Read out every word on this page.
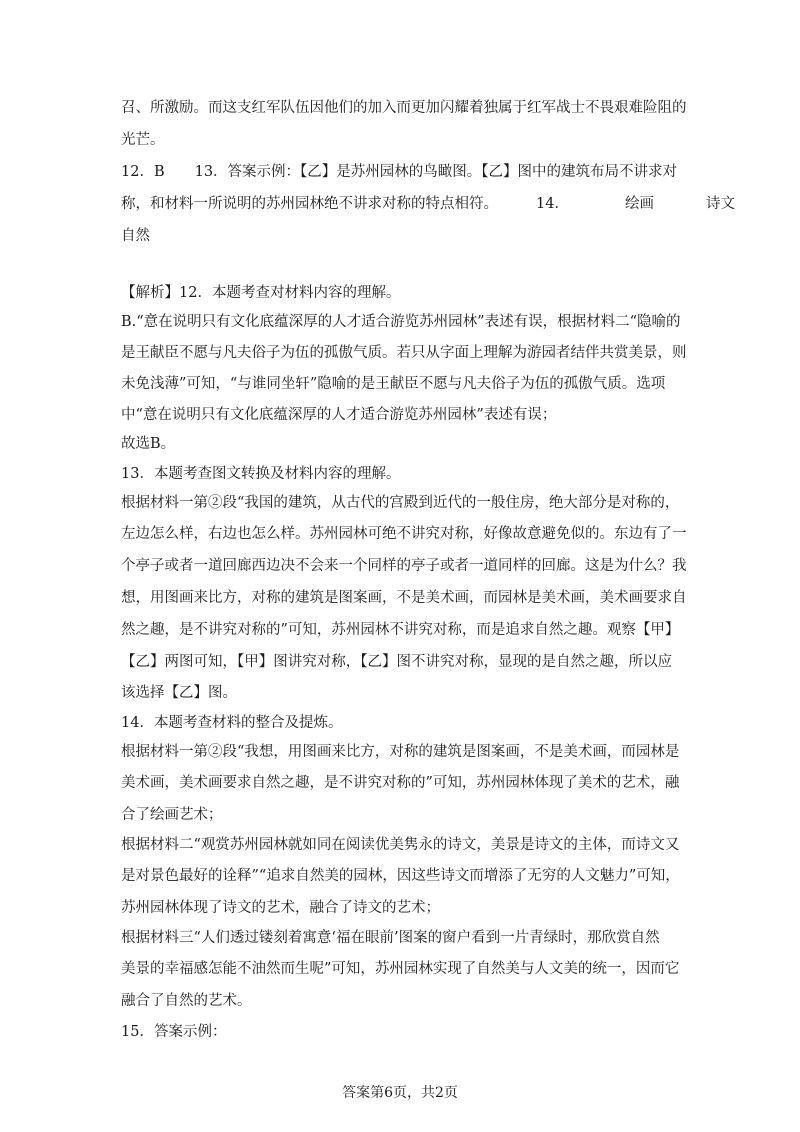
召、所激励。而这支红军队伍因他们的加入而更加闪耀着独属于红军战士不畏艰难险阻的
光芒。
12．B 13．答案示例：【乙】是苏州园林的鸟瞰图。【乙】图中的建筑布局不讲求对
称，和材料一所说明的苏州园林绝不讲求对称的特点相符。	14．	绘画	诗文
自然
【解析】12．本题考查对材料内容的理解。
B.“意在说明只有文化底蕴深厚的人才适合游览苏州园林”表述有误，根据材料二“隐喻的
是王献臣不愿与凡夫俗子为伍的孤傲气质。若只从字面上理解为游园者结伴共赏美景，则
未免浅薄”可知，“与谁同坐轩”隐喻的是王献臣不愿与凡夫俗子为伍的孤傲气质。选项
中“意在说明只有文化底蕴深厚的人才适合游览苏州园林”表述有误；
故选B。
13．本题考查图文转换及材料内容的理解。
根据材料一第②段“我国的建筑，从古代的宫殿到近代的一般住房，绝大部分是对称的，
左边怎么样，右边也怎么样。苏州园林可绝不讲究对称，好像故意避免似的。东边有了一
个亭子或者一道回廊西边决不会来一个同样的亭子或者一道同样的回廊。这是为什么？我
想，用图画来比方，对称的建筑是图案画，不是美术画，而园林是美术画，美术画要求自
然之趣，是不讲究对称的”可知，苏州园林不讲究对称，而是追求自然之趣。观察【甲】
【乙】两图可知，【甲】图讲究对称，【乙】图不讲究对称，显现的是自然之趣，所以应
该选择【乙】图。
14．本题考查材料的整合及提炼。
根据材料一第②段“我想，用图画来比方，对称的建筑是图案画，不是美术画，而园林是
美术画，美术画要求自然之趣，是不讲究对称的”可知，苏州园林体现了美术的艺术，融
合了绘画艺术；
根据材料二“观赏苏州园林就如同在阅读优美隽永的诗文，美景是诗文的主体，而诗文又
是对景色最好的诠释”“追求自然美的园林，因这些诗文而增添了无穷的人文魅力”可知，
苏州园林体现了诗文的艺术，融合了诗文的艺术；
根据材料三“人们透过镂刻着寓意‘福在眼前’图案的窗户看到一片青绿时，那欣赏自然
美景的幸福感怎能不油然而生呢”可知，苏州园林实现了自然美与人文美的统一，因而它
融合了自然的艺术。
15．答案示例：
答案第6页，共2页
